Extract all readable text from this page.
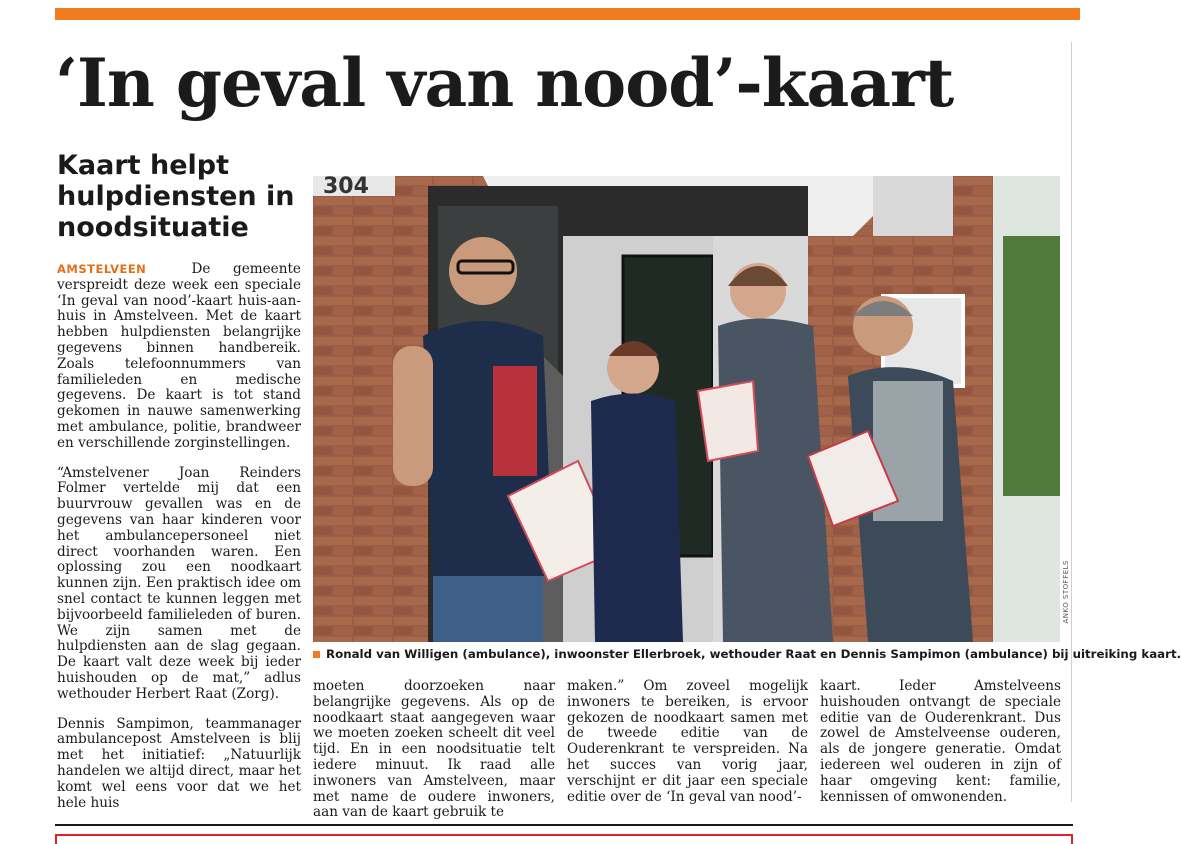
‘In geval van nood’-kaart
Kaart helpt hulpdiensten in noodsituatie

AMSTELVEEN	De gemeente verspreidt deze week een speciale ‘In geval van nood’-kaart huis-aan-huis in Amstelveen. Met de kaart hebben hulpdiensten belangrijke gegevens binnen handbereik. Zoals telefoonnummers van familieleden en medische gegevens. De kaart is tot stand gekomen in nauwe samenwerking met ambulance, politie, brandweer en verschillende zorginstellingen.

“Amstelvener Joan Reinders Folmer vertelde mij dat een buurvrouw gevallen was en de gegevens van haar kinderen voor het ambulancepersoneel niet direct voorhanden waren. Een oplossing zou een noodkaart kunnen zijn. Een praktisch idee om snel contact te kunnen leggen met bijvoorbeeld familieleden of buren. We zijn samen met de hulpdiensten aan de slag gegaan. De kaart valt deze week bij ieder huishouden op de mat,” adlus wethouder Herbert Raat (Zorg).

Dennis Sampimon, teammanager ambulancepost Amstelveen is blij met het initiatief: „Natuurlijk handelen we altijd direct, maar het komt wel eens voor dat we het hele huis

304
ANKO STOFFELS
Ronald van Willigen (ambulance), inwoonster Ellerbroek, wethouder Raat en Dennis Sampimon (ambulance) bij uitreiking kaart.

moeten doorzoeken naar belangrijke gegevens. Als op de noodkaart staat aangegeven waar we moeten zoeken scheelt dit veel tijd. En in een noodsituatie telt iedere minuut. Ik raad alle inwoners van Amstelveen, maar met name de oudere inwoners, aan van de kaart gebruik te

maken.” Om zoveel mogelijk inwoners te bereiken, is ervoor gekozen de noodkaart samen met de tweede editie van de Ouderenkrant te verspreiden. Na het succes van vorig jaar, verschijnt er dit jaar een speciale editie over de ‘In geval van nood’-

kaart. Ieder Amstelveens huishouden ontvangt de speciale editie van de Ouderenkrant. Dus zowel de Amstelveense ouderen, als de jongere generatie. Omdat iedereen wel ouderen in zijn of haar omgeving kent: familie, kennissen of omwonenden.
